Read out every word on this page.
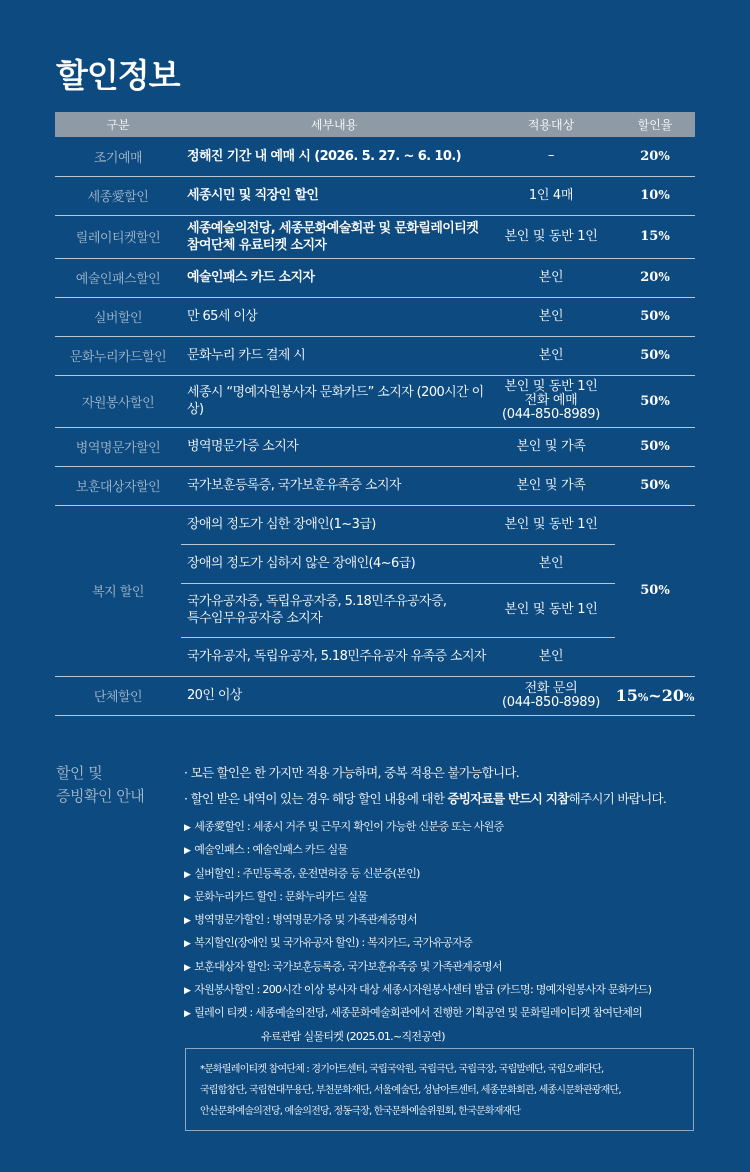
할인정보
구분	세부내용	적용대상	할인율
조기예매	정해진 기간 내 예매 시 (2026. 5. 27. ~ 6. 10.)	–	20%
세종愛할인	세종시민 및 직장인 할인	1인 4매	10%
릴레이티켓할인	세종예술의전당, 세종문화예술회관 및 문화릴레이티켓
참여단체 유료티켓 소지자	본인 및 동반 1인	15%
예술인패스할인	예술인패스 카드 소지자	본인	20%
실버할인	만 65세 이상	본인	50%
문화누리카드할인	문화누리 카드 결제 시	본인	50%
자원봉사할인	세종시 “명예자원봉사자 문화카드” 소지자 (200시간 이상)	본인 및 동반 1인
전화 예매
(044-850-8989)	50%
병역명문가할인	병역명문가증 소지자	본인 및 가족	50%
보훈대상자할인	국가보훈등록증, 국가보훈유족증 소지자	본인 및 가족	50%
복지 할인	장애의 정도가 심한 장애인(1~3급)	본인 및 동반 1인	50%
	장애의 정도가 심하지 않은 장애인(4~6급)	본인	

	국가유공자증, 독립유공자증, 5.18민주유공자증,
특수임무유공자증 소지자	본인 및 동반 1인	
	국가유공자, 독립유공자, 5.18민주유공자 유족증 소지자	본인	
단체할인	20인 이상	전화 문의
(044-850-8989)	15%~20%
할인 및
증빙확인 안내
· 모든 할인은 한 가지만 적용 가능하며, 중복 적용은 불가능합니다.
· 할인 받은 내역이 있는 경우 해당 할인 내용에 대한 증빙자료를 반드시 지참해주시기 바랍니다.
▶ 세종愛할인 : 세종시 거주 및 근무지 확인이 가능한 신분증 또는 사원증
▶ 예술인패스 : 예술인패스 카드 실물
▶ 실버할인 : 주민등록증, 운전면허증 등 신분증(본인)
▶ 문화누리카드 할인 : 문화누리카드 실물
▶ 병역명문가할인 : 병역명문가증 및 가족관계증명서
▶ 복지할인(장애인 및 국가유공자 할인) : 복지카드, 국가유공자증
▶ 보훈대상자 할인: 국가보훈등록증, 국가보훈유족증 및 가족관계증명서
▶ 자원봉사할인 : 200시간 이상 봉사자 대상 세종시자원봉사센터 발급 (카드명: 명예자원봉사자 문화카드)
▶ 릴레이 티켓 : 세종예술의전당, 세종문화예술회관에서 진행한 기획공연 및 문화릴레이티켓 참여단체의
유료관람 실물티켓 (2025.01.~직전공연)
*문화릴레이티켓 참여단체 : 경기아트센터, 국립국악원, 국립극단, 국립극장, 국립발레단, 국립오페라단,
국립합창단, 국립현대무용단, 부천문화재단, 서울예술단, 성남아트센터, 세종문화회관, 세종시문화관광재단,
안산문화예술의전당, 예술의전당, 정동극장, 한국문화예술위원회, 한국문화재재단
